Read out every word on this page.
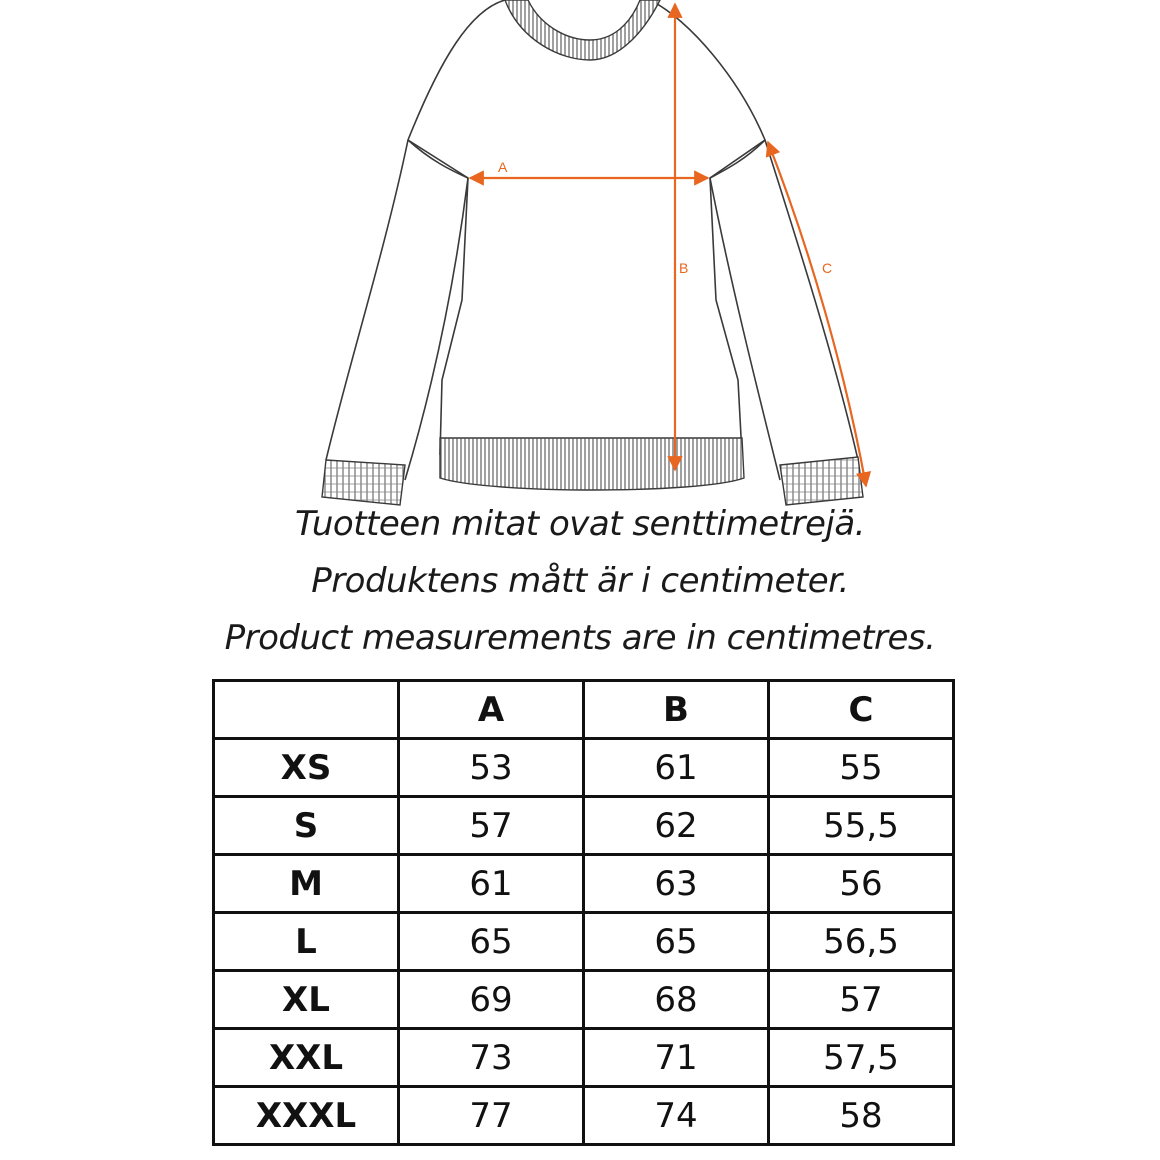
A
B	C
Tuotteen mitat ovat senttimetrejä.
Produktens mått är i centimeter.
Product measurements are in centimetres.
	A	B	C
XS	53	61	55
S	57	62	55,5
M	61	63	56
L	65	65	56,5
XL	69	68	57
XXL	73	71	57,5
XXXL	77	74	58
